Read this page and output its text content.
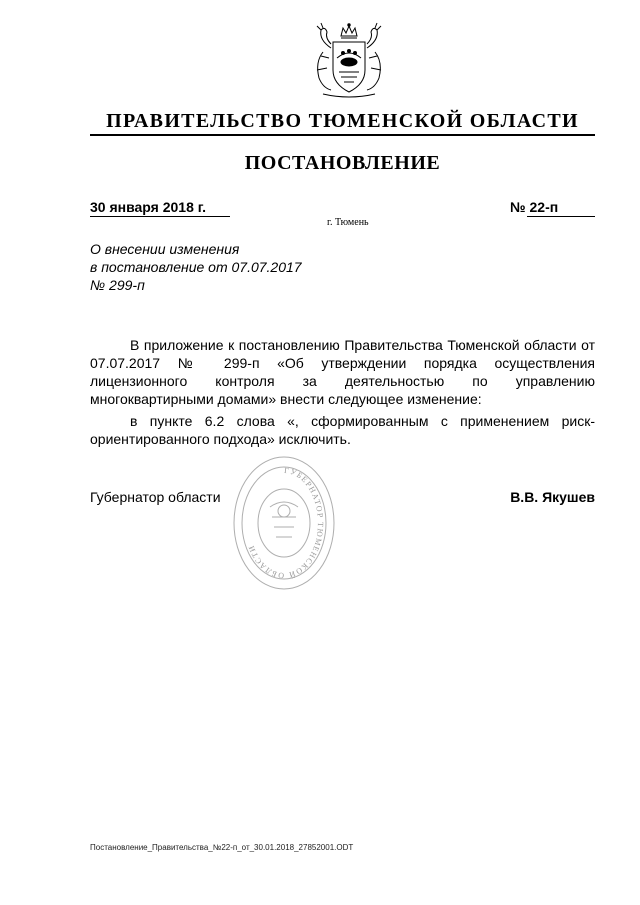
ПРАВИТЕЛЬСТВО ТЮМЕНСКОЙ ОБЛАСТИ
ПОСТАНОВЛЕНИЕ
30 января 2018 г.	№ 22-п
г. Тюмень
О внесении изменения
в постановление от 07.07.2017
№ 299-п

В приложение к постановлению Правительства Тюменской области от 07.07.2017 № 299-п «Об утверждении порядка осуществления лицензионного контроля за деятельностью по управлению многоквартирными домами» внести следующее изменение:

в пункте 6.2 слова «, сформированным с применением риск-ориентированного подхода» исключить.

Губернатор области
ГУБЕРНАТОР ТЮМЕНСКОЙ ОБЛАСТИ
В.В. Якушев
Постановление_Правительства_№22-п_от_30.01.2018_27852001.ODT
